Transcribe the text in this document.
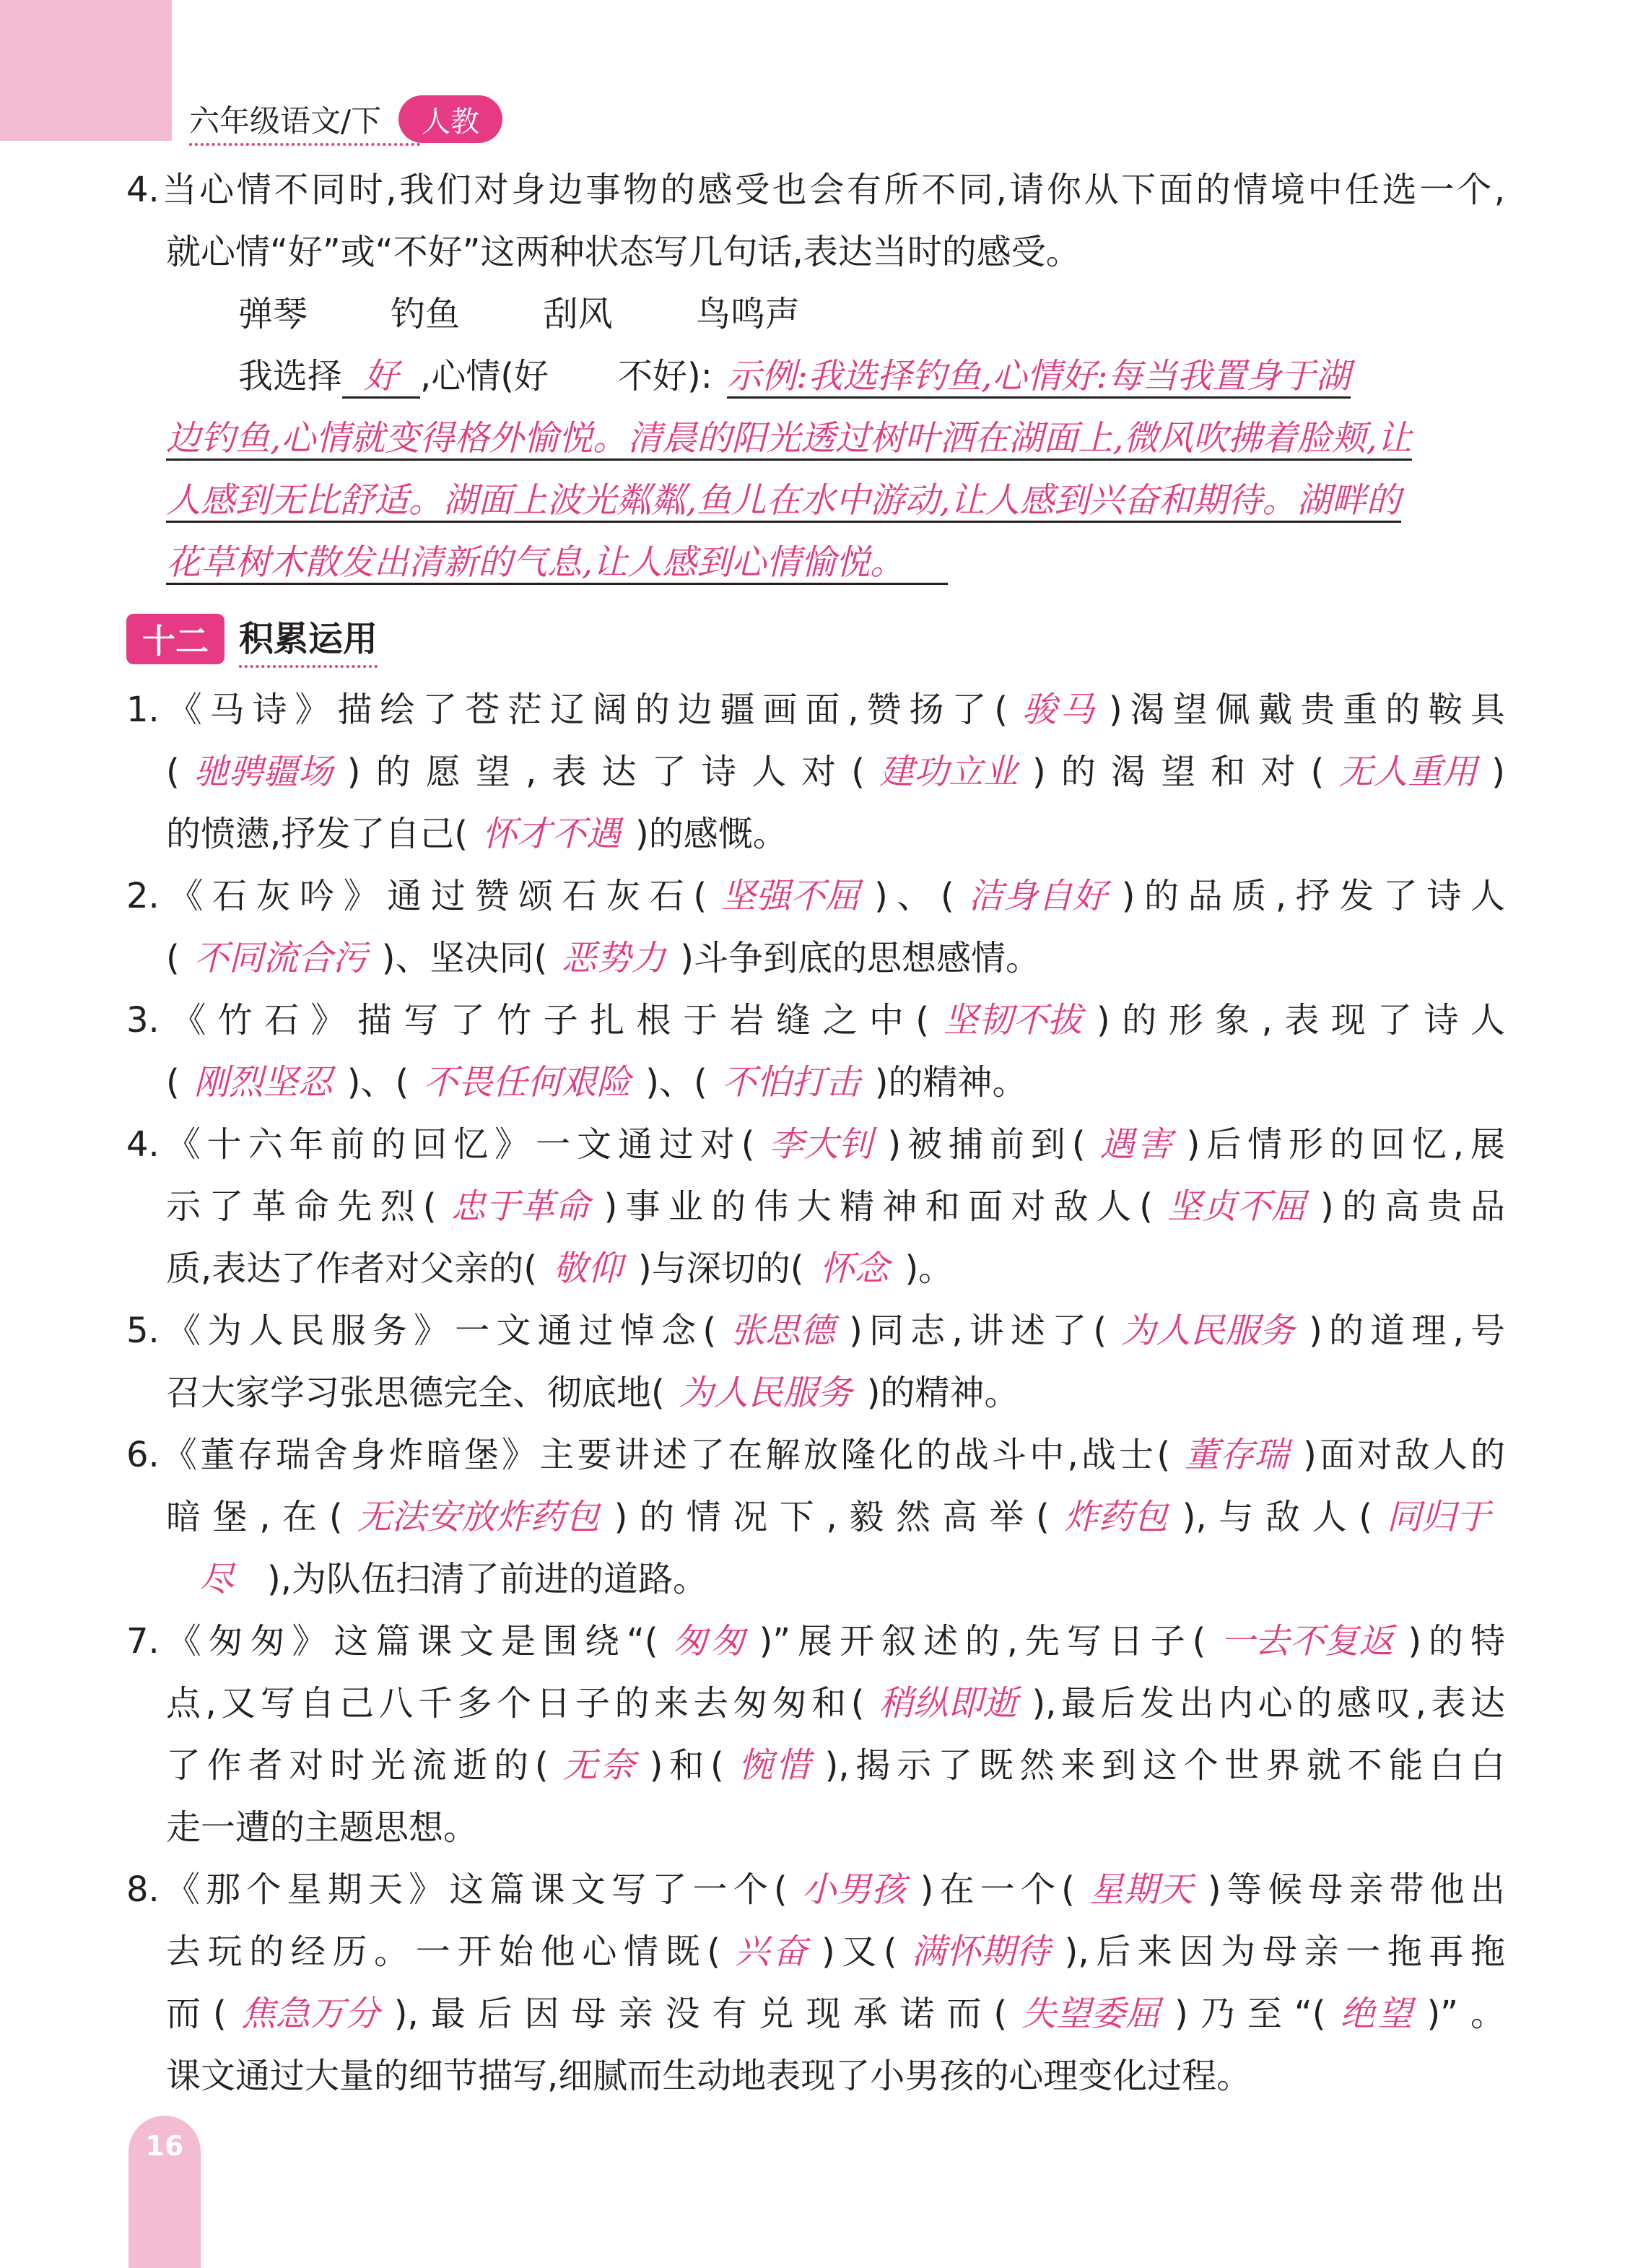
六年级语文/下	人教
4.当心情不同时,我们对身边事物的感受也会有所不同,请你从下面的情境中任选一个,
就心情“好”或“不好”这两种状态写几句话,表达当时的感受。
弹琴 钓鱼 刮风 鸟鸣声
我选择 好 ,心情(好　　不好): 示例:我选择钓鱼,心情好:每当我置身于湖
边钓鱼,心情就变得格外愉悦。清晨的阳光透过树叶洒在湖面上,微风吹拂着脸颊,让
人感到无比舒适。湖面上波光粼粼,鱼儿在水中游动,让人感到兴奋和期待。湖畔的
花草树木散发出清新的气息,让人感到心情愉悦。
十二 积累运用
1.《马诗》描绘了苍茫辽阔的边疆画面,赞扬了( 骏马 )渴望佩戴贵重的鞍具
( 驰骋疆场 )的愿望,表达了诗人对( 建功立业 )的渴望和对( 无人重用 )
的愤懑,抒发了自己( 怀才不遇 )的感慨。
2.《石灰吟》通过赞颂石灰石( 坚强不屈 )、( 洁身自好 )的品质,抒发了诗人
( 不同流合污 )、坚决同( 恶势力 )斗争到底的思想感情。
3.《竹石》描写了竹子扎根于岩缝之中( 坚韧不拔 )的形象,表现了诗人
( 刚烈坚忍 )、( 不畏任何艰险 )、( 不怕打击 )的精神。
4.《十六年前的回忆》一文通过对( 李大钊 )被捕前到( 遇害 )后情形的回忆,展
示了革命先烈( 忠于革命 )事业的伟大精神和面对敌人( 坚贞不屈 )的高贵品
质,表达了作者对父亲的( 敬仰 )与深切的( 怀念 )。
5.《为人民服务》一文通过悼念( 张思德 )同志,讲述了( 为人民服务 )的道理,号
召大家学习张思德完全、彻底地( 为人民服务 )的精神。
6.《董存瑞舍身炸暗堡》主要讲述了在解放隆化的战斗中,战士( 董存瑞 )面对敌人的
暗堡,在( 无法安放炸药包 )的情况下,毅然高举( 炸药包 ),与敌人( 同归于
尽 ),为队伍扫清了前进的道路。
7.《匆匆》这篇课文是围绕“( 匆匆 )”展开叙述的,先写日子( 一去不复返 )的特
点,又写自己八千多个日子的来去匆匆和( 稍纵即逝 ),最后发出内心的感叹,表达
了作者对时光流逝的( 无奈 )和( 惋惜 ),揭示了既然来到这个世界就不能白白
走一遭的主题思想。
8.《那个星期天》这篇课文写了一个( 小男孩 )在一个( 星期天 )等候母亲带他出
去玩的经历。一开始他心情既( 兴奋 )又( 满怀期待 ),后来因为母亲一拖再拖
而( 焦急万分 ),最后因母亲没有兑现承诺而( 失望委屈 )乃至“( 绝望 )”。
课文通过大量的细节描写,细腻而生动地表现了小男孩的心理变化过程。
16
